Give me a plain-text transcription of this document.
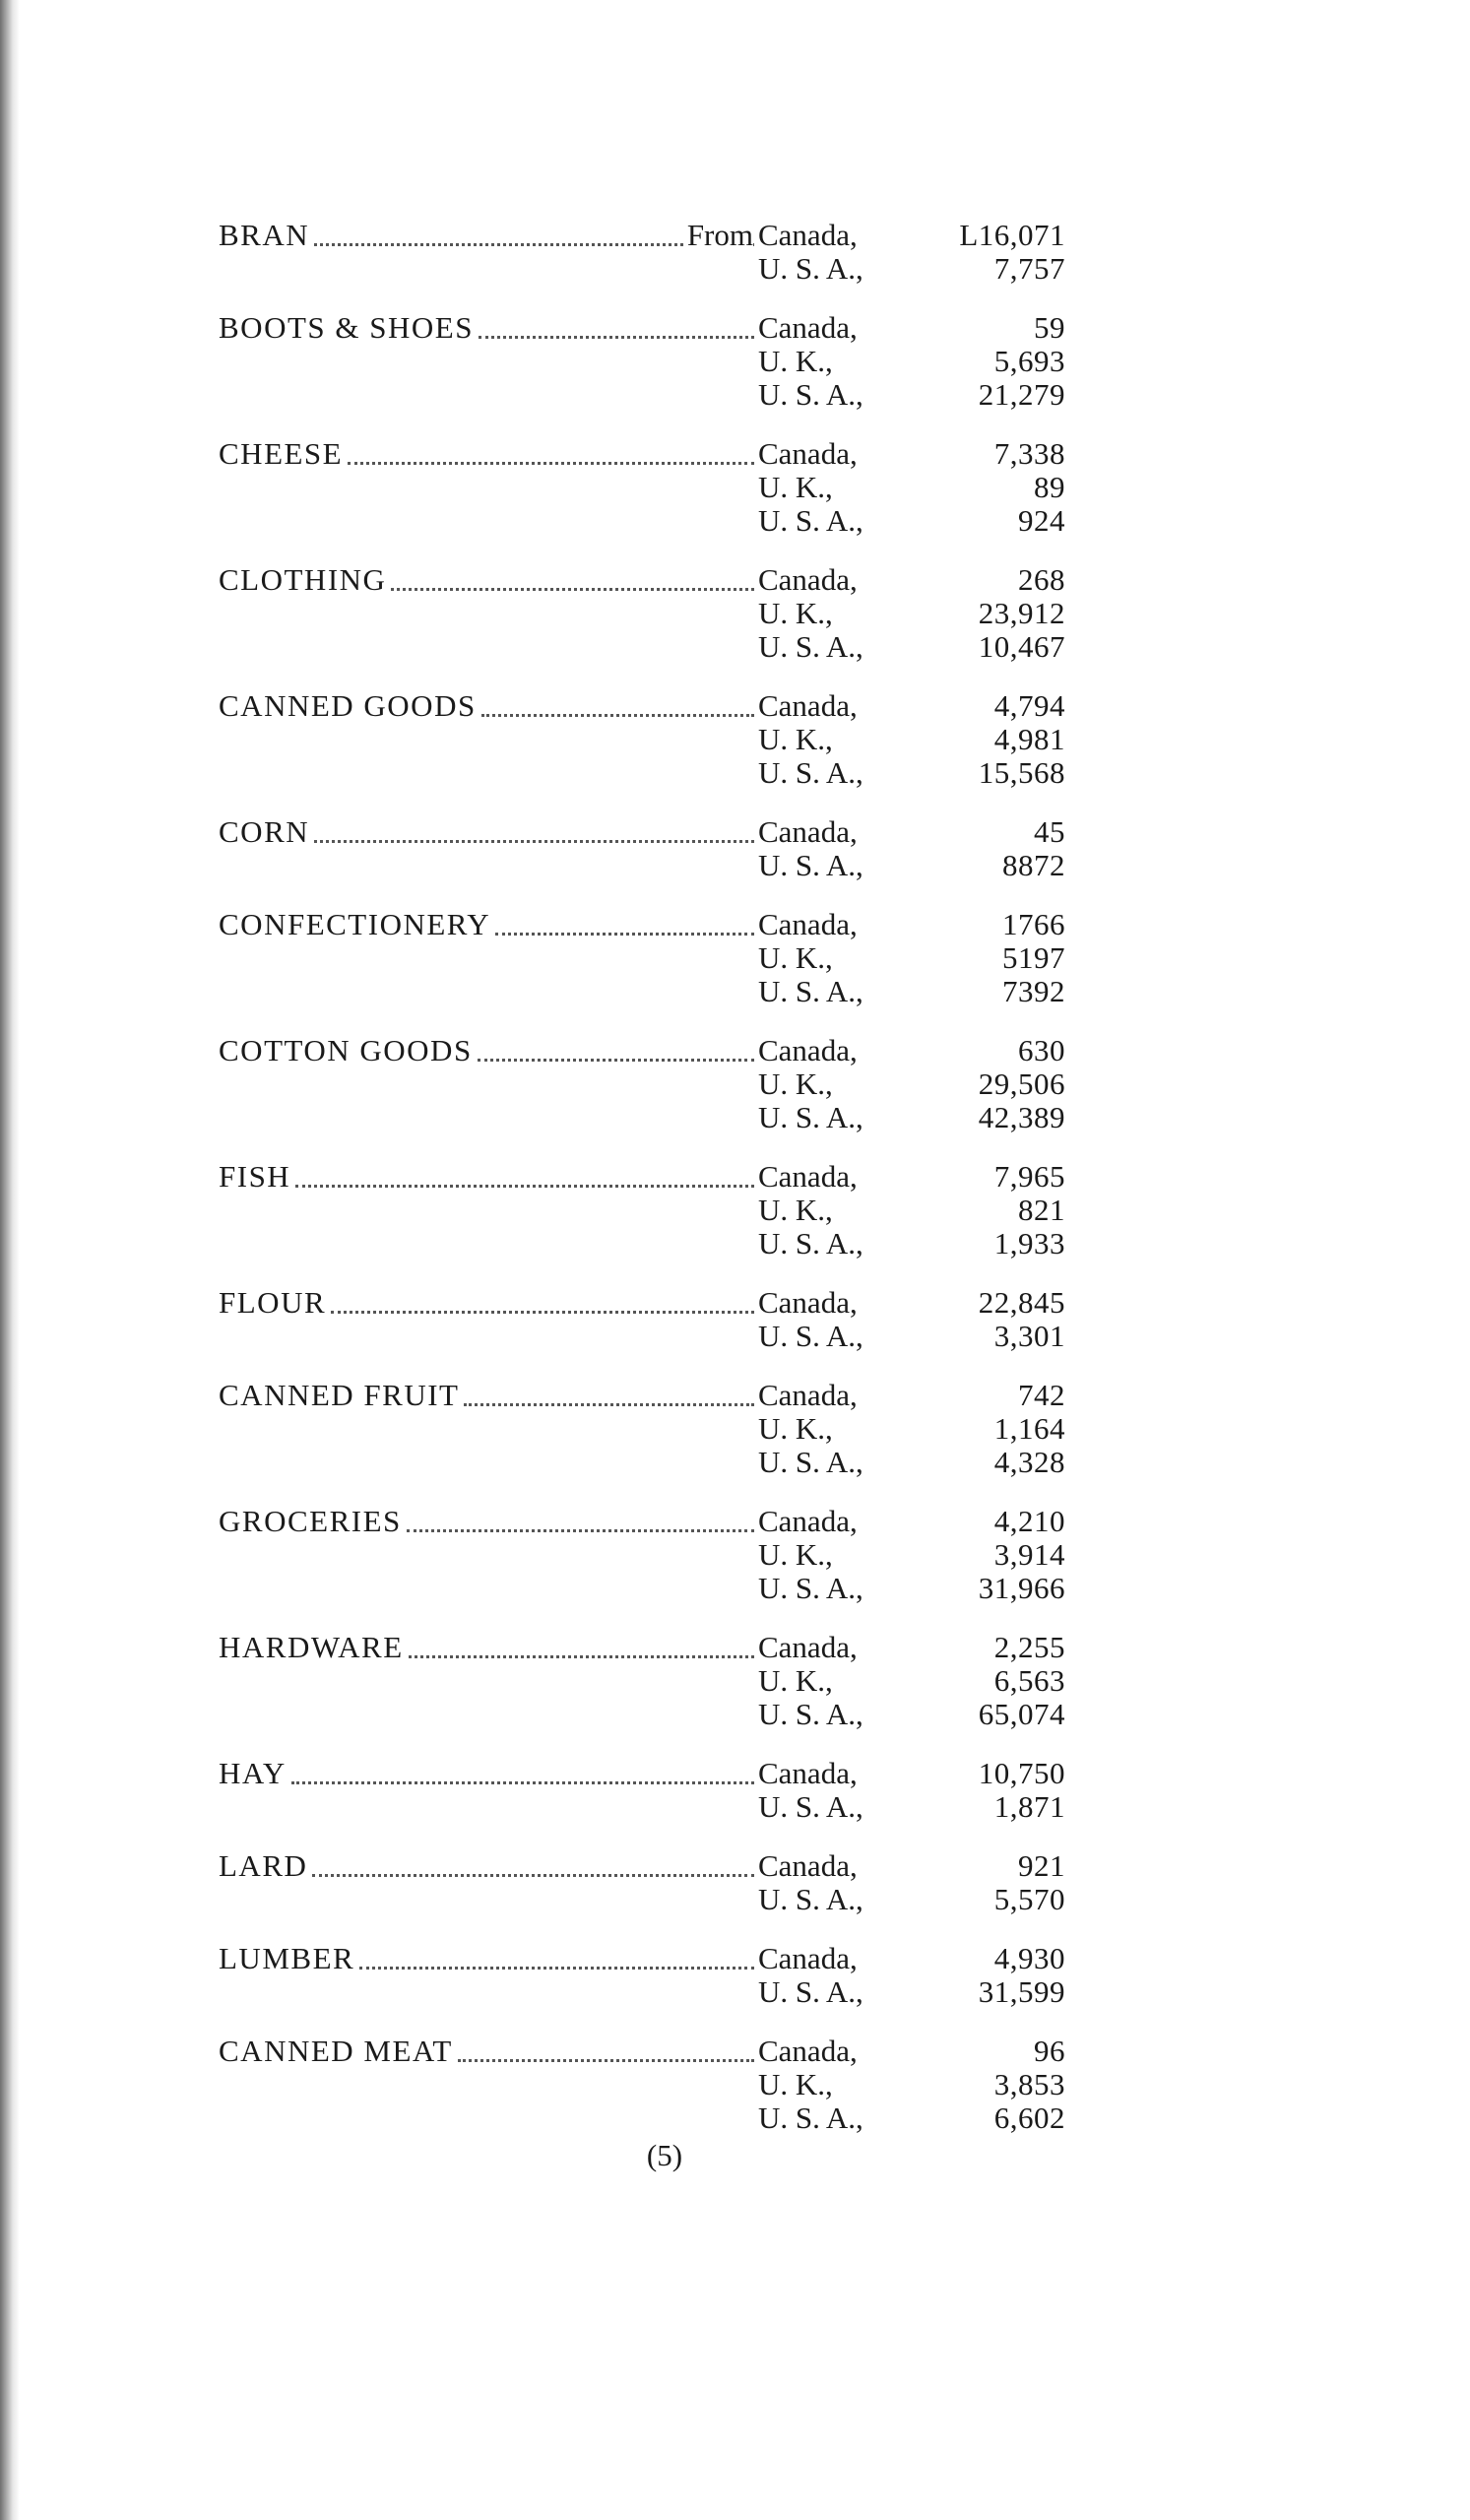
BRAN	From Canada,	L16,071
U. S. A.,	7,757
BOOTS & SHOES	Canada,	59
U. K.,	5,693
U. S. A.,	21,279
CHEESE	Canada,	7,338
U. K.,	89
U. S. A.,	924
CLOTHING	Canada,	268
U. K.,	23,912
U. S. A.,	10,467
CANNED GOODS	Canada,	4,794
U. K.,	4,981
U. S. A.,	15,568
CORN	Canada,	45
U. S. A.,	8872
CONFECTIONERY	Canada,	1766
U. K.,	5197
U. S. A.,	7392
COTTON GOODS	Canada,	630
U. K.,	29,506
U. S. A.,	42,389
FISH	Canada,	7,965
U. K.,	821
U. S. A.,	1,933
FLOUR	Canada,	22,845
U. S. A.,	3,301
CANNED FRUIT	Canada,	742
U. K.,	1,164
U. S. A.,	4,328
GROCERIES	Canada,	4,210
U. K.,	3,914
U. S. A.,	31,966
HARDWARE	Canada,	2,255
U. K.,	6,563
U. S. A.,	65,074
HAY	Canada,	10,750
U. S. A.,	1,871
LARD	Canada,	921
U. S. A.,	5,570
LUMBER	Canada,	4,930
U. S. A.,	31,599
CANNED MEAT	Canada,	96
U. K.,	3,853
U. S. A.,	6,602
(5)
